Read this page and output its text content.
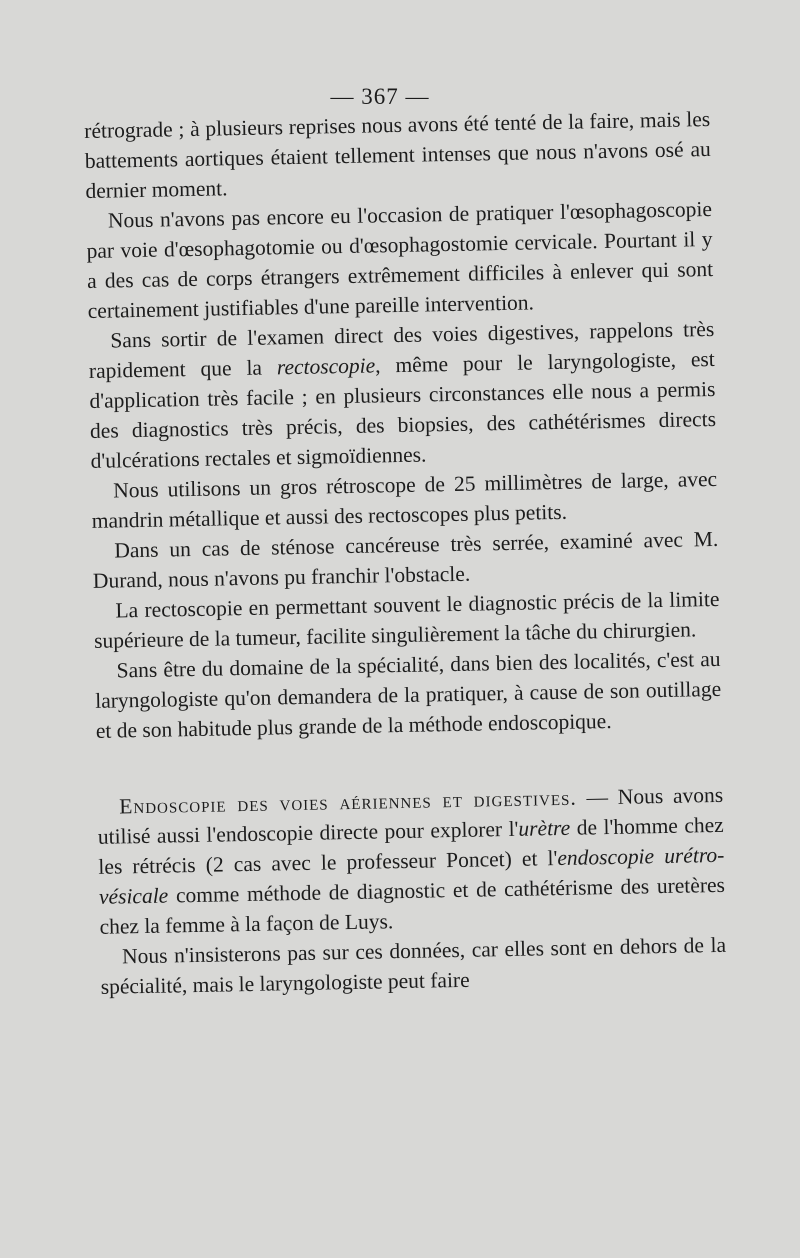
— 367 —

rétrograde ; à plusieurs reprises nous avons été tenté de la faire, mais les battements aortiques étaient tellement intenses que nous n'avons osé au dernier moment.

Nous n'avons pas encore eu l'occasion de pratiquer l'œsophagoscopie par voie d'œsophagotomie ou d'œsophagostomie cervicale. Pourtant il y a des cas de corps étrangers extrêmement difficiles à enlever qui sont certainement justifiables d'une pareille intervention.

Sans sortir de l'examen direct des voies digestives, rappelons très rapidement que la rectoscopie, même pour le laryngologiste, est d'application très facile ; en plusieurs circonstances elle nous a permis des diagnostics très précis, des biopsies, des cathétérismes directs d'ulcérations rectales et sigmoïdiennes.

Nous utilisons un gros rétroscope de 25 millimètres de large, avec mandrin métallique et aussi des rectoscopes plus petits.

Dans un cas de sténose cancéreuse très serrée, examiné avec M. Durand, nous n'avons pu franchir l'obstacle.

La rectoscopie en permettant souvent le diagnostic précis de la limite supérieure de la tumeur, facilite singulièrement la tâche du chirurgien.

Sans être du domaine de la spécialité, dans bien des localités, c'est au laryngologiste qu'on demandera de la pratiquer, à cause de son outillage et de son habitude plus grande de la méthode endoscopique.

Endoscopie des voies aériennes et digestives. — Nous avons utilisé aussi l'endoscopie directe pour explorer l'urètre de l'homme chez les rétrécis (2 cas avec le professeur Poncet) et l'endoscopie urétro-vésicale comme méthode de diagnostic et de cathétérisme des uretères chez la femme à la façon de Luys.

Nous n'insisterons pas sur ces données, car elles sont en dehors de la spécialité, mais le laryngologiste peut faire
